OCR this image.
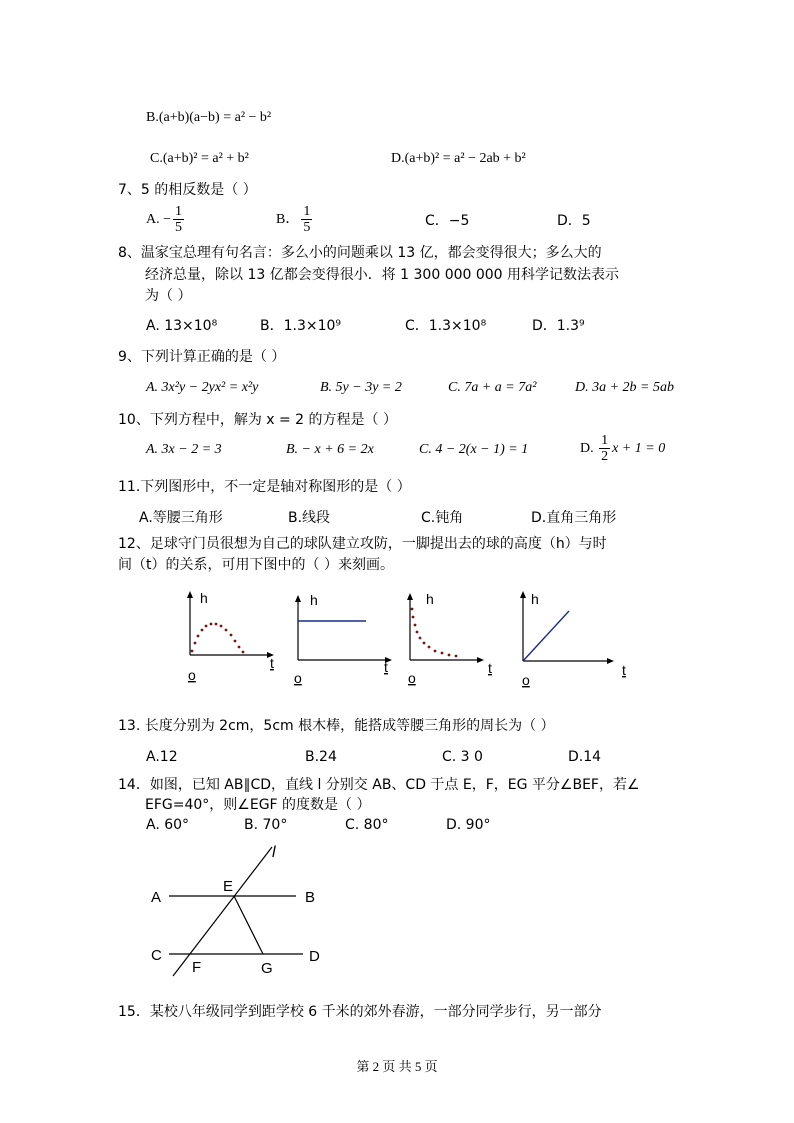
B.(a+b)(a−b) = a² − b²
C.(a+b)² = a² + b²	D.(a+b)² = a² − 2ab + b²
7、5 的相反数是（ ）
A. − $\frac{1}{5}$	B． $\frac{1}{5}$	C．−5	D．5
8、温家宝总理有句名言：多么小的问题乘以 13 亿，都会变得很大；多么大的
经济总量，除以 13 亿都会变得很小．将 1 300 000 000 用科学记数法表示
为（ ）
A. 13×10⁸	B．1.3×10⁹	C．1.3×10⁸	D．1.3⁹
9、下列计算正确的是（ ）
A. 3x²y − 2yx² = x²y	B. 5y − 3y = 2	C. 7a + a = 7a²	D. 3a + 2b = 5ab
10、下列方程中，解为 x = 2 的方程是（ ）
A. 3x − 2 = 3	B. − x + 6 = 2x	C. 4 − 2(x − 1) = 1	D. $\frac{1}{2}$ x + 1 = 0
11.下列图形中，不一定是轴对称图形的是（ ）
A.等腰三角形	B.线段	C.钝角	D.直角三角形
12、足球守门员很想为自己的球队建立攻防，一脚提出去的球的高度（h）与时
间（t）的关系，可用下图中的（ ）来刻画。
h
t
o
h
t
o
h
t
o
h
t
o
13. 长度分别为 2cm，5cm 根木棒，能搭成等腰三角形的周长为（ ）
A.12	B.24	C. 3 0	D.14
14．如图，已知 AB∥CD，直线 l 分别交 AB、CD 于点 E，F，EG 平分∠BEF，若∠
EFG=40°，则∠EGF 的度数是（ ）
A. 60°	B. 70°	C. 80°	D. 90°
A	B
C	D
E
F	G
l
15．某校八年级同学到距学校 6 千米的郊外春游，一部分同学步行，另一部分
第 2 页 共 5 页
